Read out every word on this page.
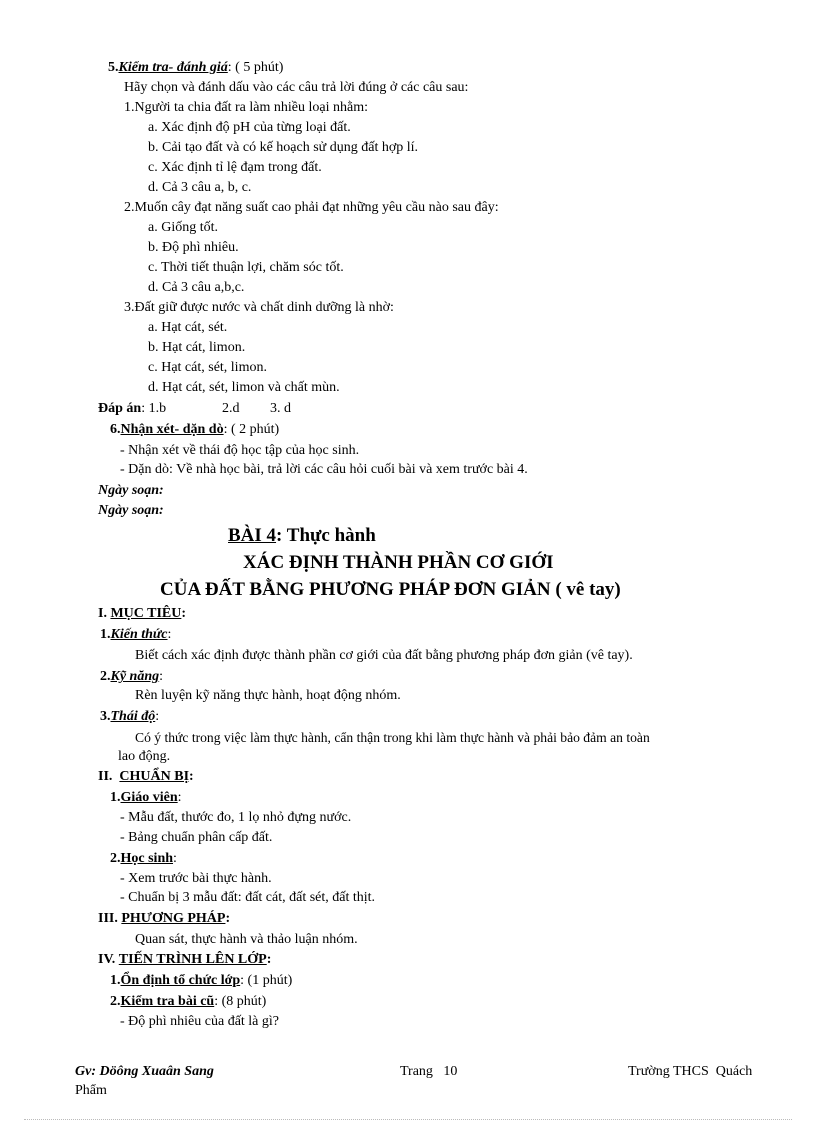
5.Kiểm tra- đánh giá: ( 5 phút)
Hãy chọn và đánh dấu vào các câu trả lời đúng ở các câu sau:
1.Người ta chia đất ra làm nhiều loại nhằm:
a. Xác định độ pH của từng loại đất.
b. Cải tạo đất và có kế hoạch sử dụng đất hợp lí.
c. Xác định tỉ lệ đạm trong đất.
d. Cả 3 câu a, b, c.
2.Muốn cây đạt năng suất cao phải đạt những yêu cầu nào sau đây:
a. Giống tốt.
b. Độ phì nhiêu.
c. Thời tiết thuận lợi, chăm sóc tốt.
d. Cả 3 câu a,b,c.
3.Đất giữ được nước và chất dinh dưỡng là nhờ:
a. Hạt cát, sét.
b. Hạt cát, limon.
c. Hạt cát, sét, limon.
d. Hạt cát, sét, limon và chất mùn.
Đáp án: 1.b	2.d 3. d
6.Nhận xét- dặn dò: ( 2 phút)
- Nhận xét về thái độ học tập của học sinh.
- Dặn dò: Về nhà học bài, trả lời các câu hỏi cuối bài và xem trước bài 4.
Ngày soạn:
Ngày soạn:
BÀI 4: Thực hành
XÁC ĐỊNH THÀNH PHẦN CƠ GIỚI
CỦA ĐẤT BẰNG PHƯƠNG PHÁP ĐƠN GIẢN ( vê tay)
I. MỤC TIÊU:
1.Kiến thức:
Biết cách xác định được thành phần cơ giới của đất bằng phương pháp đơn giản (vê tay).
2.Kỹ năng:
Rèn luyện kỹ năng thực hành, hoạt động nhóm.
3.Thái độ:
Có ý thức trong việc làm thực hành, cẩn thận trong khi làm thực hành và phải bảo đảm an toàn
lao động.
II. CHUẨN BỊ:
1.Giáo viên:
- Mẫu đất, thước đo, 1 lọ nhỏ đựng nước.
- Bảng chuẩn phân cấp đất.
2.Học sinh:
- Xem trước bài thực hành.
- Chuẩn bị 3 mẫu đất: đất cát, đất sét, đất thịt.
III. PHƯƠNG PHÁP:
Quan sát, thực hành và thảo luận nhóm.
IV. TIẾN TRÌNH LÊN LỚP:
1.Ổn định tổ chức lớp: (1 phút)
2.Kiểm tra bài cũ: (8 phút)
- Độ phì nhiêu của đất là gì?
Gv: Döông Xuaân Sang	Trang   10	Trường THCS  Quách
Phẩm
